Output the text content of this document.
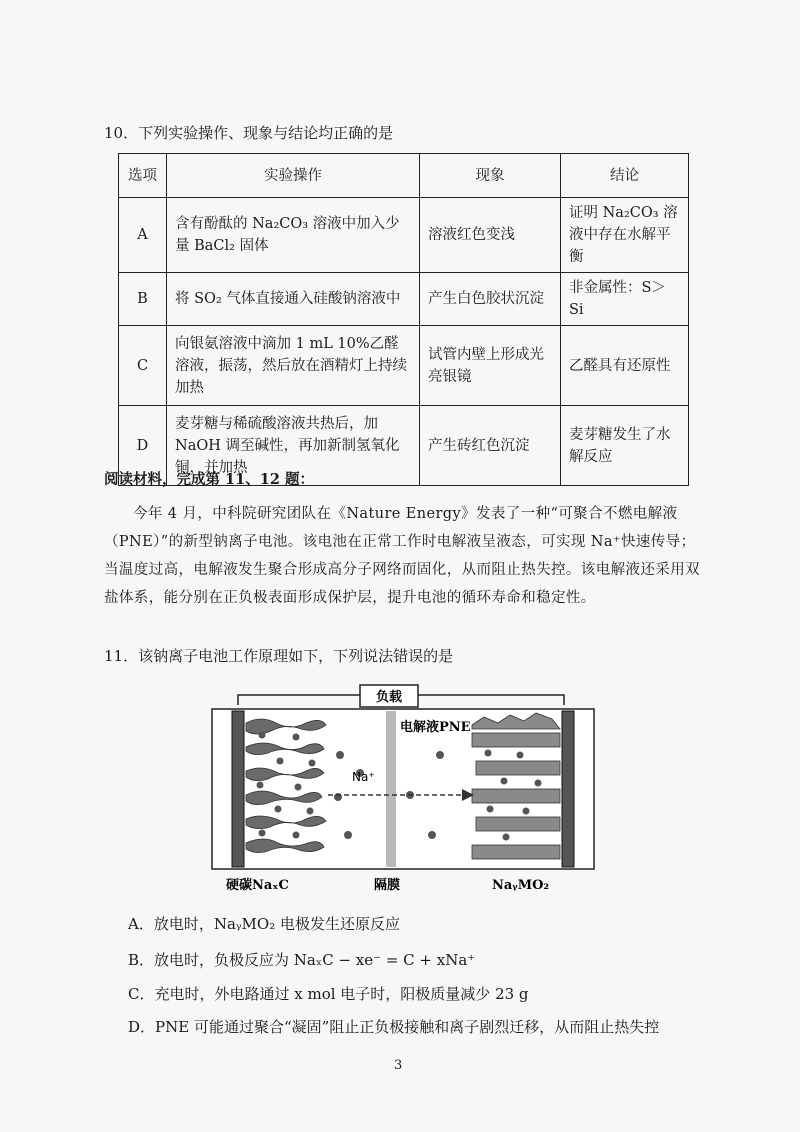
10．下列实验操作、现象与结论均正确的是
选项	实验操作	现象	结论
A	含有酚酞的 Na₂CO₃ 溶液中加入少量 BaCl₂ 固体	溶液红色变浅	证明 Na₂CO₃ 溶液中存在水解平衡
B	将 SO₂ 气体直接通入硅酸钠溶液中	产生白色胶状沉淀	非金属性：S＞Si
C	向银氨溶液中滴加 1 mL 10%乙醛溶液，振荡，然后放在酒精灯上持续加热	试管内壁上形成光亮银镜	乙醛具有还原性
D	麦芽糖与稀硫酸溶液共热后，加 NaOH 调至碱性，再加新制氢氧化铜，并加热	产生砖红色沉淀	麦芽糖发生了水解反应
阅读材料，完成第 11、12 题：
今年 4 月，中科院研究团队在《Nature Energy》发表了一种“可聚合不燃电解液（PNE）”的新型钠离子电池。该电池在正常工作时电解液呈液态，可实现 Na⁺快速传导；当温度过高，电解液发生聚合形成高分子网络而固化，从而阻止热失控。该电解液还采用双盐体系，能分别在正负极表面形成保护层，提升电池的循环寿命和稳定性。
11．该钠离子电池工作原理如下，下列说法错误的是
负载
Na⁺
电解液PNE
硬碳NaₓC	隔膜	NaᵧMO₂
A．放电时，NaᵧMO₂ 电极发生还原反应
B．放电时，负极反应为 NaₓC − xe⁻ = C + xNa⁺
C．充电时，外电路通过 x mol 电子时，阳极质量减少 23 g
D．PNE 可能通过聚合“凝固”阻止正负极接触和离子剧烈迁移，从而阻止热失控
3
